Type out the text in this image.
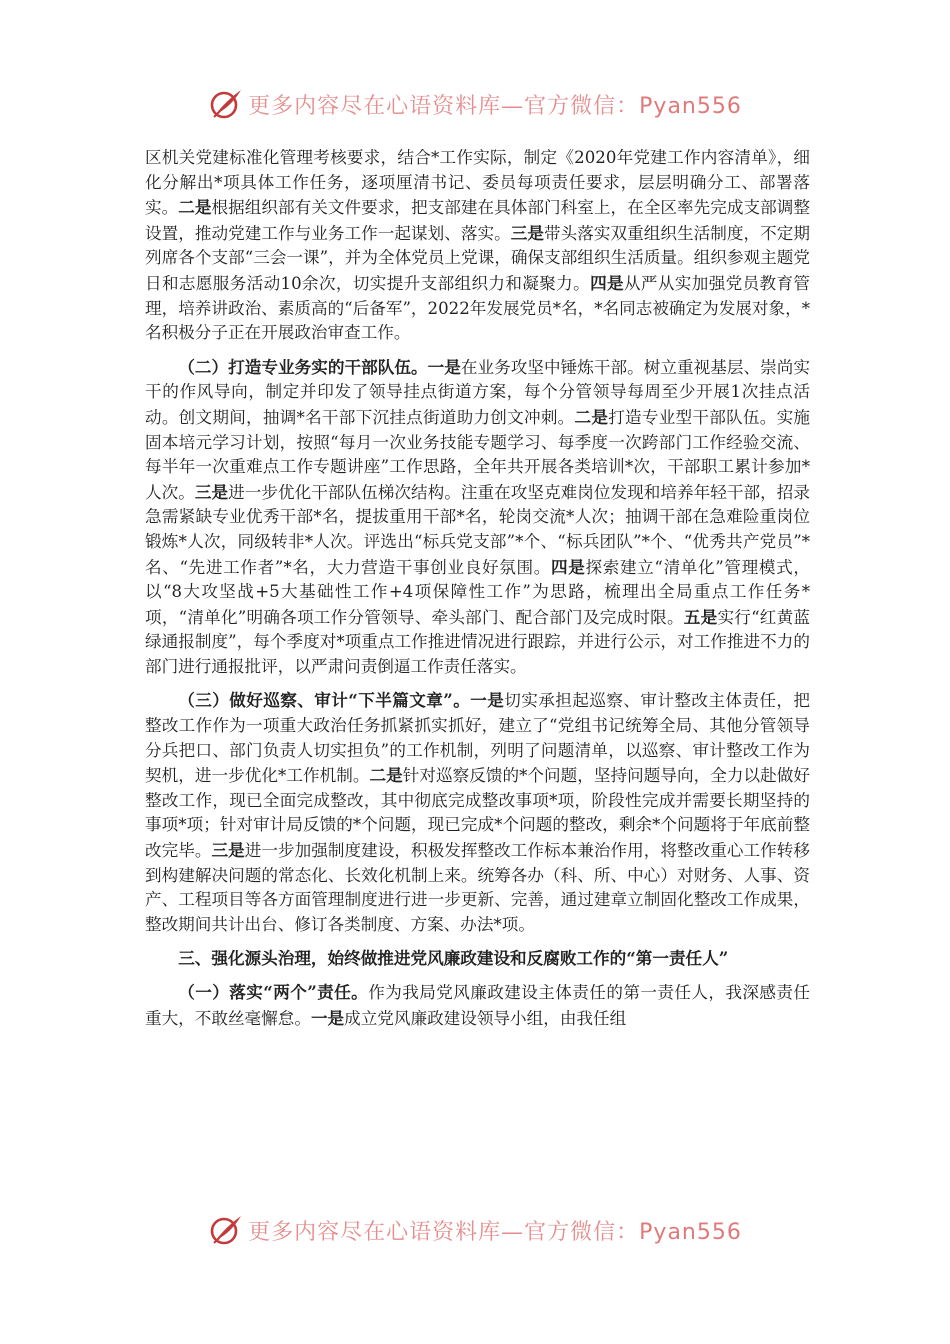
更多内容尽在心语资料库—官方微信：Pyan556

区机关党建标准化管理考核要求，结合*工作实际，制定《2020年党建工作内容清单》，细化分解出*项具体工作任务，逐项厘清书记、委员每项责任要求，层层明确分工、部署落实。二是根据组织部有关文件要求，把支部建在具体部门科室上，在全区率先完成支部调整设置，推动党建工作与业务工作一起谋划、落实。三是带头落实双重组织生活制度，不定期列席各个支部“三会一课”，并为全体党员上党课，确保支部组织生活质量。组织参观主题党日和志愿服务活动10余次，切实提升支部组织力和凝聚力。四是从严从实加强党员教育管理，培养讲政治、素质高的“后备军”，2022年发展党员*名，*名同志被确定为发展对象，*名积极分子正在开展政治审查工作。

（二）打造专业务实的干部队伍。一是在业务攻坚中锤炼干部。树立重视基层、崇尚实干的作风导向，制定并印发了领导挂点街道方案，每个分管领导每周至少开展1次挂点活动。创文期间，抽调*名干部下沉挂点街道助力创文冲刺。二是打造专业型干部队伍。实施固本培元学习计划，按照“每月一次业务技能专题学习、每季度一次跨部门工作经验交流、每半年一次重难点工作专题讲座”工作思路，全年共开展各类培训*次，干部职工累计参加*人次。三是进一步优化干部队伍梯次结构。注重在攻坚克难岗位发现和培养年轻干部，招录急需紧缺专业优秀干部*名，提拔重用干部*名，轮岗交流*人次；抽调干部在急难险重岗位锻炼*人次，同级转非*人次。评选出“标兵党支部”*个、“标兵团队”*个、“优秀共产党员”*名、“先进工作者”*名，大力营造干事创业良好氛围。四是探索建立“清单化”管理模式，以“8大攻坚战+5大基础性工作+4项保障性工作”为思路，梳理出全局重点工作任务*项，“清单化”明确各项工作分管领导、牵头部门、配合部门及完成时限。五是实行“红黄蓝绿通报制度”，每个季度对*项重点工作推进情况进行跟踪，并进行公示，对工作推进不力的部门进行通报批评，以严肃问责倒逼工作责任落实。

（三）做好巡察、审计“下半篇文章”。一是切实承担起巡察、审计整改主体责任，把整改工作作为一项重大政治任务抓紧抓实抓好，建立了“党组书记统筹全局、其他分管领导分兵把口、部门负责人切实担负”的工作机制，列明了问题清单，以巡察、审计整改工作为契机，进一步优化*工作机制。二是针对巡察反馈的*个问题，坚持问题导向，全力以赴做好整改工作，现已全面完成整改，其中彻底完成整改事项*项，阶段性完成并需要长期坚持的事项*项；针对审计局反馈的*个问题，现已完成*个问题的整改，剩余*个问题将于年底前整改完毕。三是进一步加强制度建设，积极发挥整改工作标本兼治作用，将整改重心工作转移到构建解决问题的常态化、长效化机制上来。统筹各办（科、所、中心）对财务、人事、资产、工程项目等各方面管理制度进行进一步更新、完善，通过建章立制固化整改工作成果，整改期间共计出台、修订各类制度、方案、办法*项。

三、强化源头治理，始终做推进党风廉政建设和反腐败工作的“第一责任人”

（一）落实“两个”责任。作为我局党风廉政建设主体责任的第一责任人，我深感责任重大，不敢丝毫懈怠。一是成立党风廉政建设领导小组，由我任组

更多内容尽在心语资料库—官方微信：Pyan556
